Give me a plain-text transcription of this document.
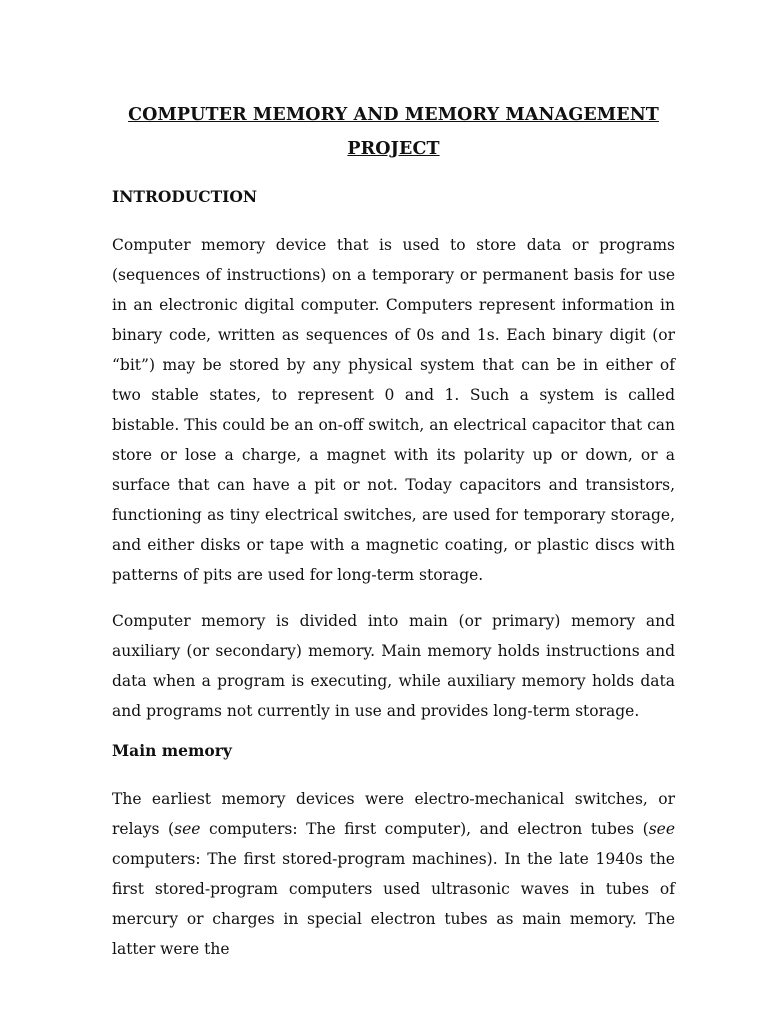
COMPUTER MEMORY AND MEMORY MANAGEMENT
PROJECT
INTRODUCTION

Computer memory device that is used to store data or programs (sequences of instructions) on a temporary or permanent basis for use in an electronic digital computer. Computers represent information in binary code, written as sequences of 0s and 1s. Each binary digit (or “bit”) may be stored by any physical system that can be in either of two stable states, to represent 0 and 1. Such a system is called bistable. This could be an on-off switch, an electrical capacitor that can store or lose a charge, a magnet with its polarity up or down, or a surface that can have a pit or not. Today capacitors and transistors, functioning as tiny electrical switches, are used for temporary storage, and either disks or tape with a magnetic coating, or plastic discs with patterns of pits are used for long-term storage.

Computer memory is divided into main (or primary) memory and auxiliary (or secondary) memory. Main memory holds instructions and data when a program is executing, while auxiliary memory holds data and programs not currently in use and provides long-term storage.

Main memory

The earliest memory devices were electro-mechanical switches, or relays (see computers: The first computer), and electron tubes (see computers: The first stored-program machines). In the late 1940s the first stored-program computers used ultrasonic waves in tubes of mercury or charges in special electron tubes as main memory. The latter were the
